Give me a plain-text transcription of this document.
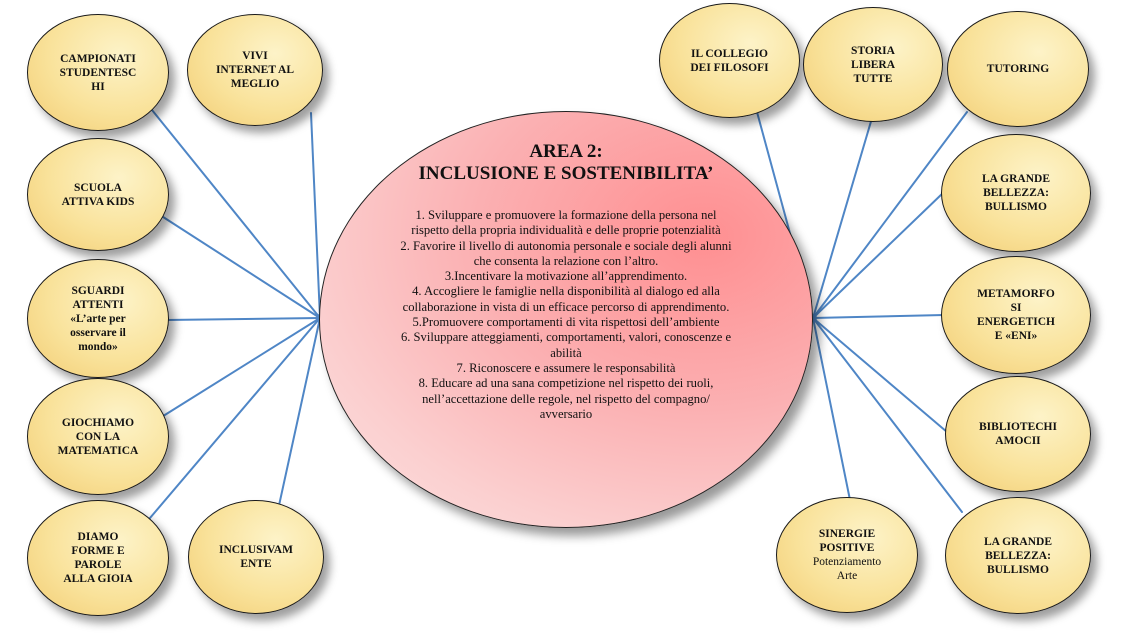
CAMPIONATI
STUDENTESC
HI
VIVI
INTERNET AL
MEGLIO
SCUOLA
ATTIVA KIDS
SGUARDI
ATTENTI
«L’arte per
osservare il
mondo»
GIOCHIAMO
CON LA
MATEMATICA
DIAMO
FORME E
PAROLE
ALLA GIOIA
INCLUSIVAM
ENTE
AREA 2:
INCLUSIONE E SOSTENIBILITA’
1. Sviluppare e promuovere la formazione della persona nel rispetto della propria individualità e delle proprie potenzialità
2. Favorire il livello di autonomia personale e sociale degli alunni che consenta la relazione con l’altro.
3.Incentivare la motivazione all’apprendimento.
4. Accogliere le famiglie nella disponibilità al dialogo ed alla collaborazione in vista di un efficace percorso di apprendimento.
5.Promuovere comportamenti di vita rispettosi dell’ambiente
6. Sviluppare atteggiamenti, comportamenti, valori, conoscenze e abilità
7. Riconoscere e assumere le responsabilità
8. Educare ad una sana competizione nel rispetto dei ruoli, nell’accettazione delle regole, nel rispetto del compagno/ avversario
IL COLLEGIO
DEI FILOSOFI
STORIA
LIBERA
TUTTE
TUTORING
LA GRANDE
BELLEZZA:
BULLISMO
METAMORFO
SI
ENERGETICH
E «ENI»
BIBLIOTECHI
AMOCII
SINERGIE
POSITIVE
Potenziamento
Arte
LA GRANDE
BELLEZZA:
BULLISMO
